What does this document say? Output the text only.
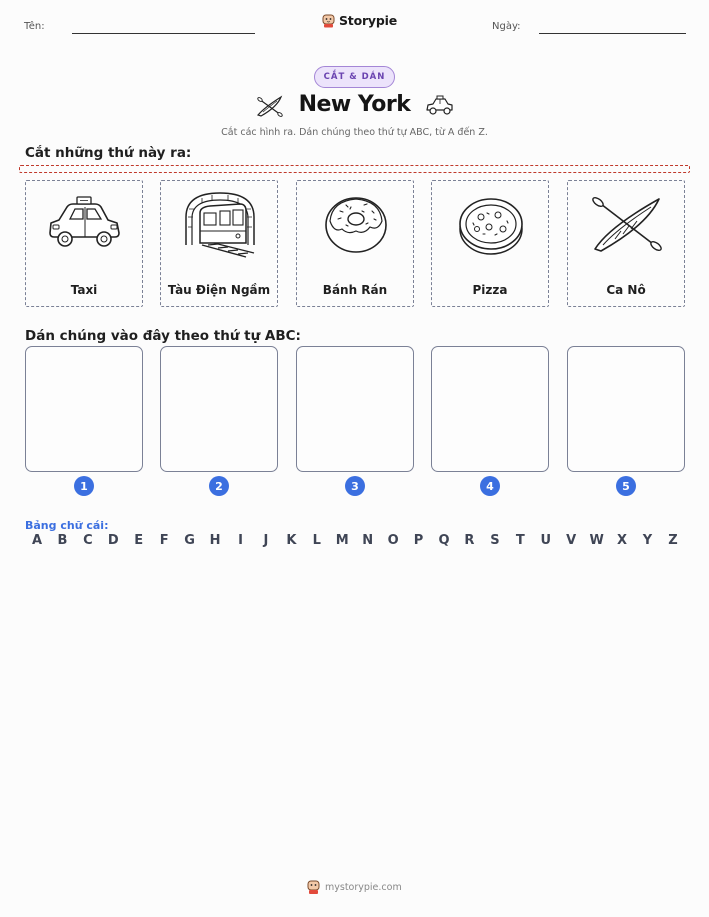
Tên:	Storypie	Ngày:
CẮT & DÁN
New York
Cắt các hình ra. Dán chúng theo thứ tự ABC, từ A đến Z.
Cắt những thứ này ra:
Taxi	Tàu Điện Ngầm	Bánh Rán	Pizza	Ca Nô
Dán chúng vào đây theo thứ tự ABC:
1	2	3	4	5
Bảng chữ cái:
A B C D E F G H	I	J	K L M N O P Q R S T U V W X Y Z
mystorypie.com
